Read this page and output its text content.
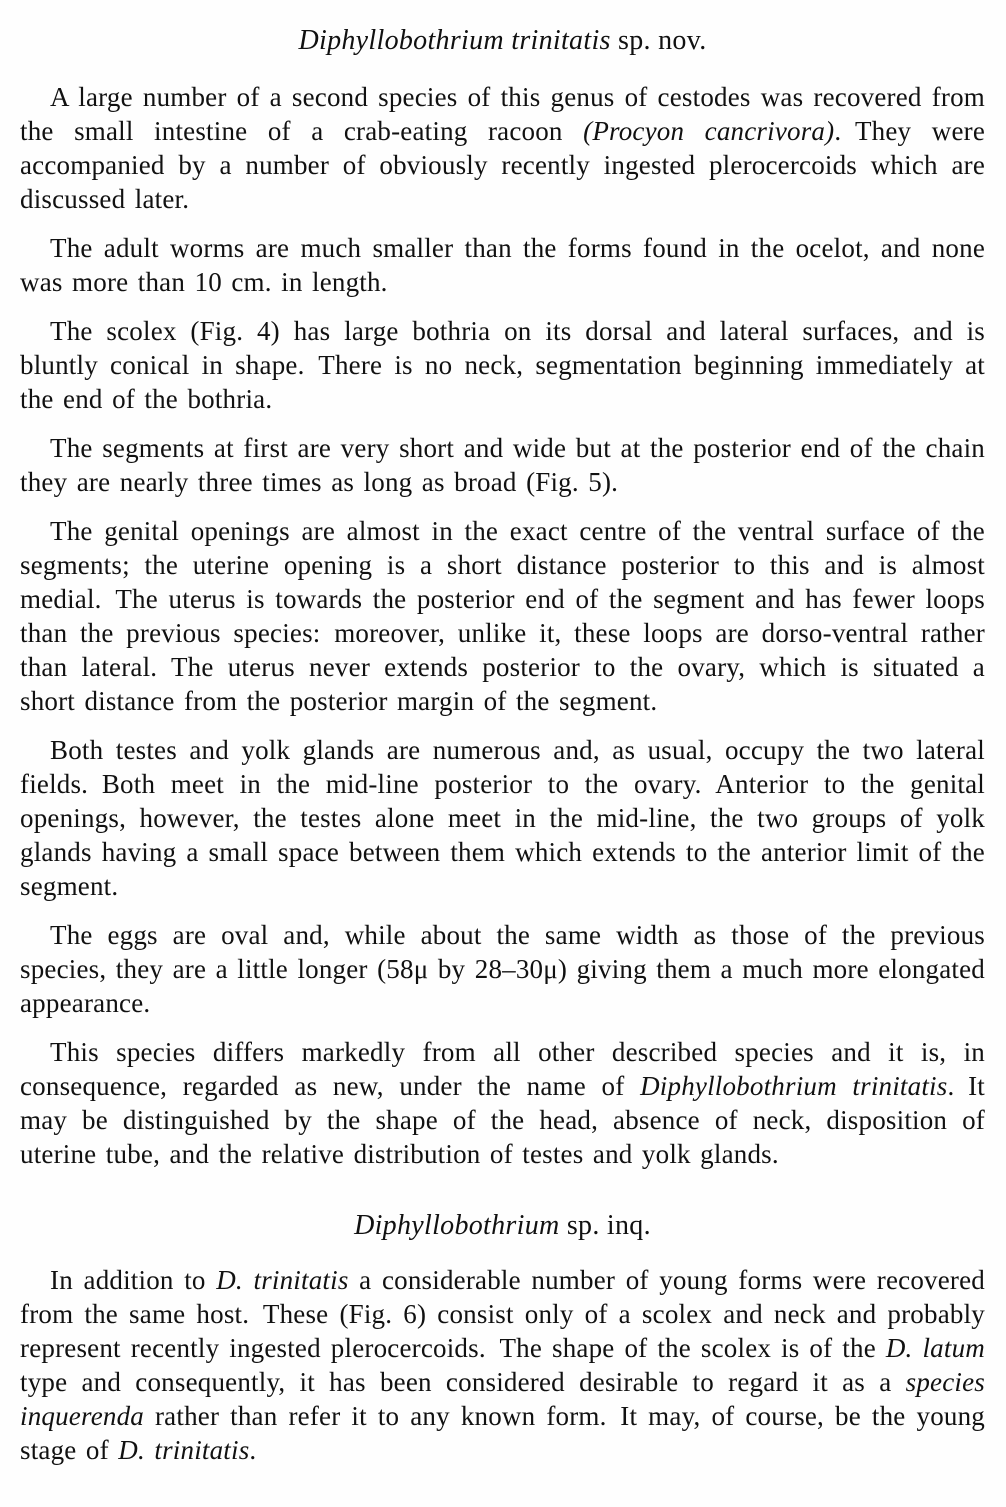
Diphyllobothrium trinitatis sp. nov.

A large number of a second species of this genus of cestodes was recovered from the small intestine of a crab-eating racoon (Procyon cancrivora). They were accompanied by a number of obviously recently ingested plerocercoids which are discussed later.

The adult worms are much smaller than the forms found in the ocelot, and none was more than 10 cm. in length.

The scolex (Fig. 4) has large bothria on its dorsal and lateral surfaces, and is bluntly conical in shape. There is no neck, segmentation beginning immediately at the end of the bothria.

The segments at first are very short and wide but at the posterior end of the chain they are nearly three times as long as broad (Fig. 5).

The genital openings are almost in the exact centre of the ventral surface of the segments; the uterine opening is a short distance posterior to this and is almost medial. The uterus is towards the posterior end of the segment and has fewer loops than the previous species: moreover, unlike it, these loops are dorso-ventral rather than lateral. The uterus never extends posterior to the ovary, which is situated a short distance from the posterior margin of the segment.

Both testes and yolk glands are numerous and, as usual, occupy the two lateral fields. Both meet in the mid-line posterior to the ovary. Anterior to the genital openings, however, the testes alone meet in the mid-line, the two groups of yolk glands having a small space between them which extends to the anterior limit of the segment.

The eggs are oval and, while about the same width as those of the previous species, they are a little longer (58μ by 28–30μ) giving them a much more elongated appearance.

This species differs markedly from all other described species and it is, in consequence, regarded as new, under the name of Diphyllobothrium trinitatis. It may be distinguished by the shape of the head, absence of neck, disposition of uterine tube, and the relative distribution of testes and yolk glands.

Diphyllobothrium sp. inq.

In addition to D. trinitatis a considerable number of young forms were recovered from the same host. These (Fig. 6) consist only of a scolex and neck and probably represent recently ingested plerocercoids. The shape of the scolex is of the D. latum type and consequently, it has been considered desirable to regard it as a species inquerenda rather than refer it to any known form. It may, of course, be the young stage of D. trinitatis.
